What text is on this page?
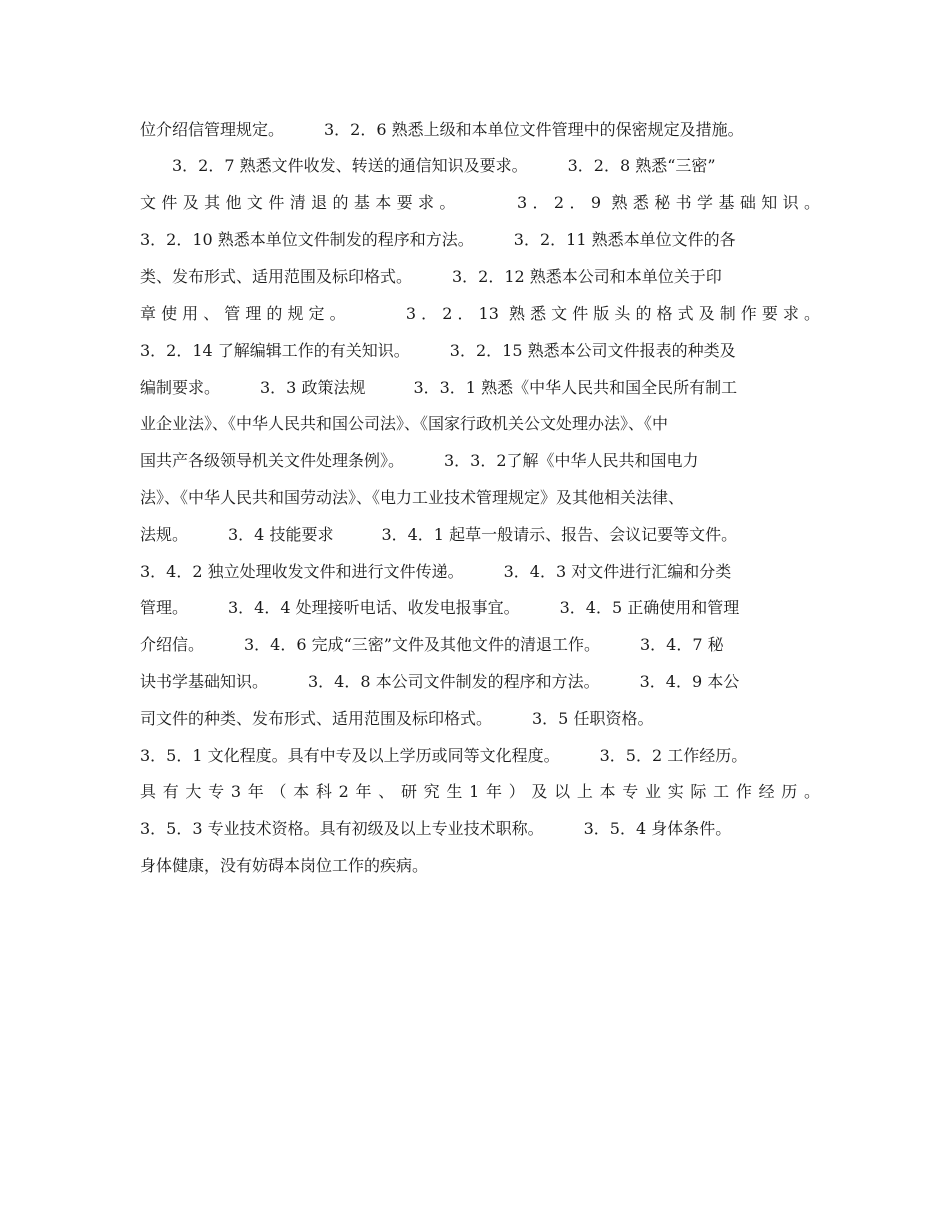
位介绍信管理规定。　　　3．2．6 熟悉上级和本单位文件管理中的保密规定及措施。
3．2．7 熟悉文件收发、转送的通信知识及要求。　　　3．2．8 熟悉“三密”
文件及其他文件清退的基本要求。　　　3．2．9 熟悉秘书学基础知识。
3．2．10 熟悉本单位文件制发的程序和方法。　　　3．2．11 熟悉本单位文件的各
类、发布形式、适用范围及标印格式。　　　3．2．12 熟悉本公司和本单位关于印
章使用、管理的规定。　　　3．2．13 熟悉文件版头的格式及制作要求。
3．2．14 了解编辑工作的有关知识。　　　3．2．15 熟悉本公司文件报表的种类及
编制要求。　　　3．3 政策法规　　　3．3．1 熟悉《中华人民共和国全民所有制工
业企业法》、《中华人民共和国公司法》、《国家行政机关公文处理办法》、《中
国共产各级领导机关文件处理条例》。　　　3．3．2了解《中华人民共和国电力
法》、《中华人民共和国劳动法》、《电力工业技术管理规定》及其他相关法律、
法规。　　　3．4 技能要求　　　3．4．1 起草一般请示、报告、会议记要等文件。
3．4．2 独立处理收发文件和进行文件传递。　　　3．4．3 对文件进行汇编和分类
管理。　　　3．4．4 处理接听电话、收发电报事宜。　　　3．4．5 正确使用和管理
介绍信。　　　3．4．6 完成“三密”文件及其他文件的清退工作。　　　3．4．7 秘
诀书学基础知识。　　　3．4．8 本公司文件制发的程序和方法。　　　3．4．9 本公
司文件的种类、发布形式、适用范围及标印格式。　　　3．5 任职资格。
3．5．1 文化程度。具有中专及以上学历或同等文化程度。　　　3．5．2 工作经历。
具有大专3年（本科2年、研究生1年）及以上本专业实际工作经历。
3．5．3 专业技术资格。具有初级及以上专业技术职称。　　　3．5．4 身体条件。
身体健康，没有妨碍本岗位工作的疾病。
